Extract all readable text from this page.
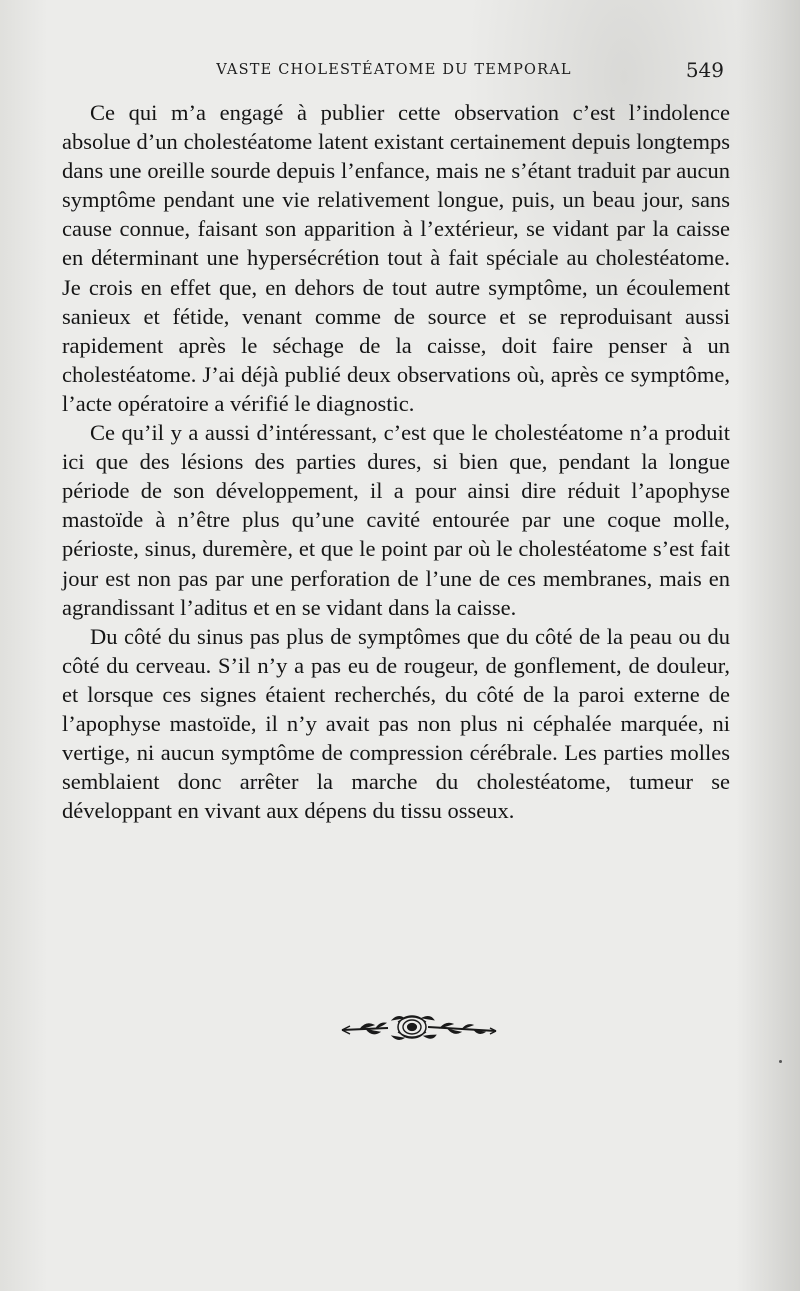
VASTE CHOLESTÉATOME DU TEMPORAL	549

Ce qui m’a engagé à publier cette observation c’est l’indolence absolue d’un cholestéatome latent existant certainement depuis longtemps dans une oreille sourde depuis l’enfance, mais ne s’étant traduit par aucun symptôme pendant une vie relativement longue, puis, un beau jour, sans cause connue, faisant son apparition à l’extérieur, se vidant par la caisse en déterminant une hypersécrétion tout à fait spéciale au cholestéatome. Je crois en effet que, en dehors de tout autre symptôme, un écoulement sanieux et fétide, venant comme de source et se reproduisant aussi rapidement après le séchage de la caisse, doit faire penser à un cholestéatome. J’ai déjà publié deux observations où, après ce symptôme, l’acte opératoire a vérifié le diagnostic.

Ce qu’il y a aussi d’intéressant, c’est que le cholestéatome n’a produit ici que des lésions des parties dures, si bien que, pendant la longue période de son développement, il a pour ainsi dire réduit l’apophyse mastoïde à n’être plus qu’une cavité entourée par une coque molle, périoste, sinus, duremère, et que le point par où le cholestéatome s’est fait jour est non pas par une perforation de l’une de ces membranes, mais en agrandissant l’aditus et en se vidant dans la caisse.

Du côté du sinus pas plus de symptômes que du côté de la peau ou du côté du cerveau. S’il n’y a pas eu de rougeur, de gonflement, de douleur, et lorsque ces signes étaient recherchés, du côté de la paroi externe de l’apophyse mastoïde, il n’y avait pas non plus ni céphalée marquée, ni vertige, ni aucun symptôme de compression cérébrale. Les parties molles semblaient donc arrêter la marche du cholestéatome, tumeur se développant en vivant aux dépens du tissu osseux.
